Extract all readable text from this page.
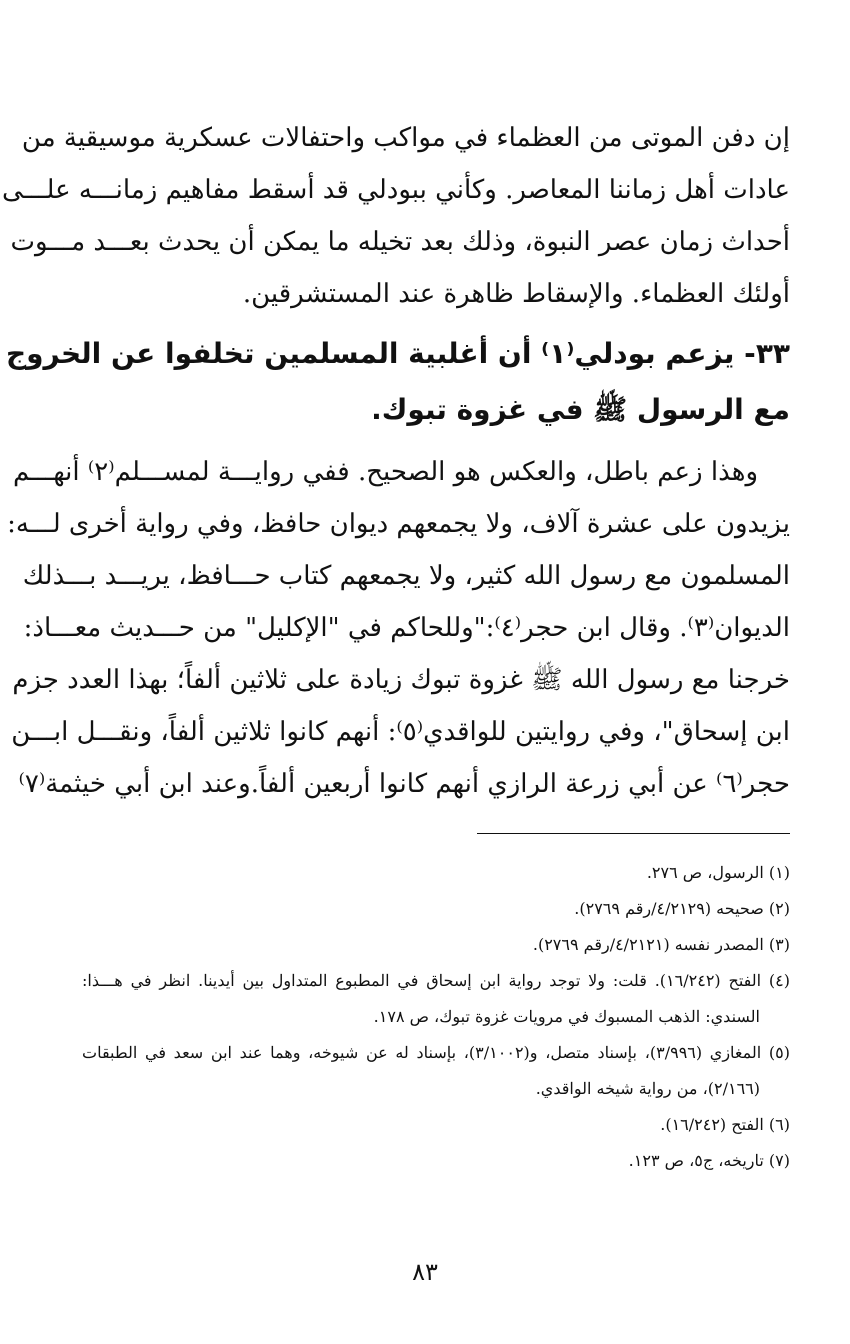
إن دفن الموتى من العظماء في مواكب واحتفالات عسكرية موسيقية من
عادات أهل زماننا المعاصر. وكأني ببودلي قد أسقط مفاهيم زمانـــه علـــى
أحداث زمان عصر النبوة، وذلك بعد تخيله ما يمكن أن يحدث بعـــد مـــوت
أولئك العظماء. والإسقاط ظاهرة عند المستشرقين.
٣٣- يزعم بودلي⁽١⁾ أن أغلبية المسلمين تخلفوا عن الخروج
مع الرسول ﷺ في غزوة تبوك.
وهذا زعم باطل، والعكس هو الصحيح. ففي روايـــة لمســـلم⁽٢⁾ أنهـــم
يزيدون على عشرة آلاف، ولا يجمعهم ديوان حافظ، وفي رواية أخرى لـــه:
المسلمون مع رسول الله كثير، ولا يجمعهم كتاب حـــافظ، يريـــد بـــذلك
الديوان⁽٣⁾. وقال ابن حجر⁽٤⁾:"وللحاكم في "الإكليل" من حـــديث معـــاذ:
خرجنا مع رسول الله ﷺ غزوة تبوك زيادة على ثلاثين ألفاً؛ بهذا العدد جزم
ابن إسحاق"، وفي روايتين للواقدي⁽٥⁾: أنهم كانوا ثلاثين ألفاً، ونقـــل ابـــن
حجر⁽٦⁾ عن أبي زرعة الرازي أنهم كانوا أربعين ألفاً.وعند ابن أبي خيثمة⁽٧⁾
(١) الرسول، ص ٢٧٦.
(٢) صحيحه (٤/٢١٢٩/رقم ٢٧٦٩).
(٣) المصدر نفسه (٤/٢١٢١/رقم ٢٧٦٩).
(٤) الفتح (١٦/٢٤٢). قلت: ولا توجد رواية ابن إسحاق في المطبوع المتداول بين أيدينا. انظر في هـــذا:
السندي: الذهب المسبوك في مرويات غزوة تبوك، ص ١٧٨.
(٥) المغازي (٣/٩٩٦)، بإسناد متصل، و(٣/١٠٠٢)، بإسناد له عن شيوخه، وهما عند ابن سعد في الطبقات
(٢/١٦٦)، من رواية شيخه الواقدي.
(٦) الفتح (١٦/٢٤٢).
(٧) تاريخه، ج٥، ص ١٢٣.
٨٣
